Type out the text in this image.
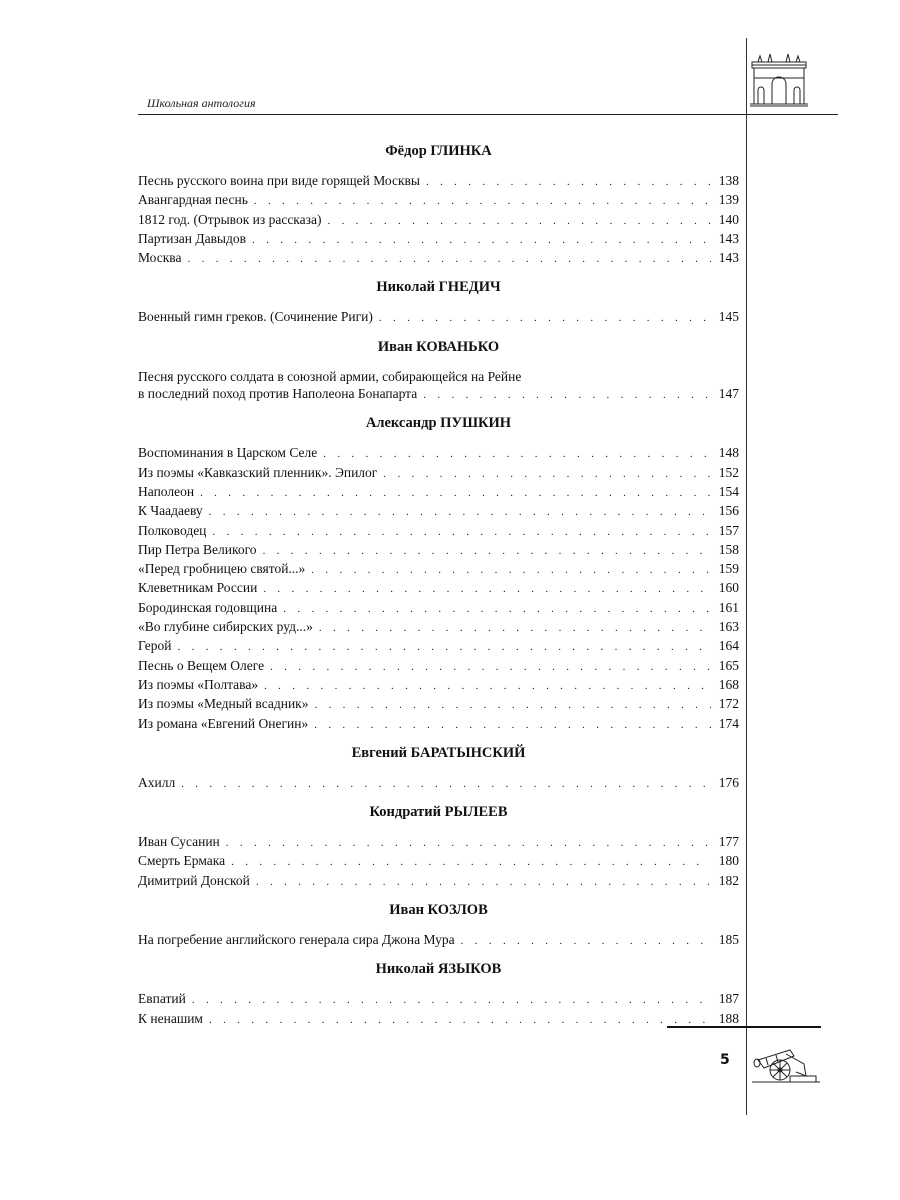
Школьная антология
Фёдор ГЛИНКА
Песнь русского воина при виде горящей Москвы . . .	138
Авангардная песнь . . .	139
1812 год. (Отрывок из рассказа) . . .	140
Партизан Давыдов . . .	143
Москва . . .	143
Николай ГНЕДИЧ
Военный гимн греков. (Сочинение Риги) . . .	145
Иван КОВАНЬКО
Песня русского солдата в союзной армии, собирающейся на Рейне
в последний поход против Наполеона Бонапарта . . .	147
Александр ПУШКИН
Воспоминания в Царском Селе . . .	148
Из поэмы «Кавказский пленник». Эпилог . . .	152
Наполеон . . .	154
К Чаадаеву . . .	156
Полководец . . .	157
Пир Петра Великого . . .	158
«Перед гробницею святой...» . . .	159
Клеветникам России . . .	160
Бородинская годовщина . . .	161
«Во глубине сибирских руд...» . . .	163
Герой . . .	164
Песнь о Вещем Олеге . . .	165
Из поэмы «Полтава» . . .	168
Из поэмы «Медный всадник» . . .	172
Из романа «Евгений Онегин» . . .	174
Евгений БАРАТЫНСКИЙ
Ахилл . . .	176
Кондратий РЫЛЕЕВ
Иван Сусанин . . .	177
Смерть Ермака . . .	180
Димитрий Донской . . .	182
Иван КОЗЛОВ
На погребение английского генерала сира Джона Мура . . .	185
Николай ЯЗЫКОВ
Евпатий . . .	187
К ненашим . . .	188
5
